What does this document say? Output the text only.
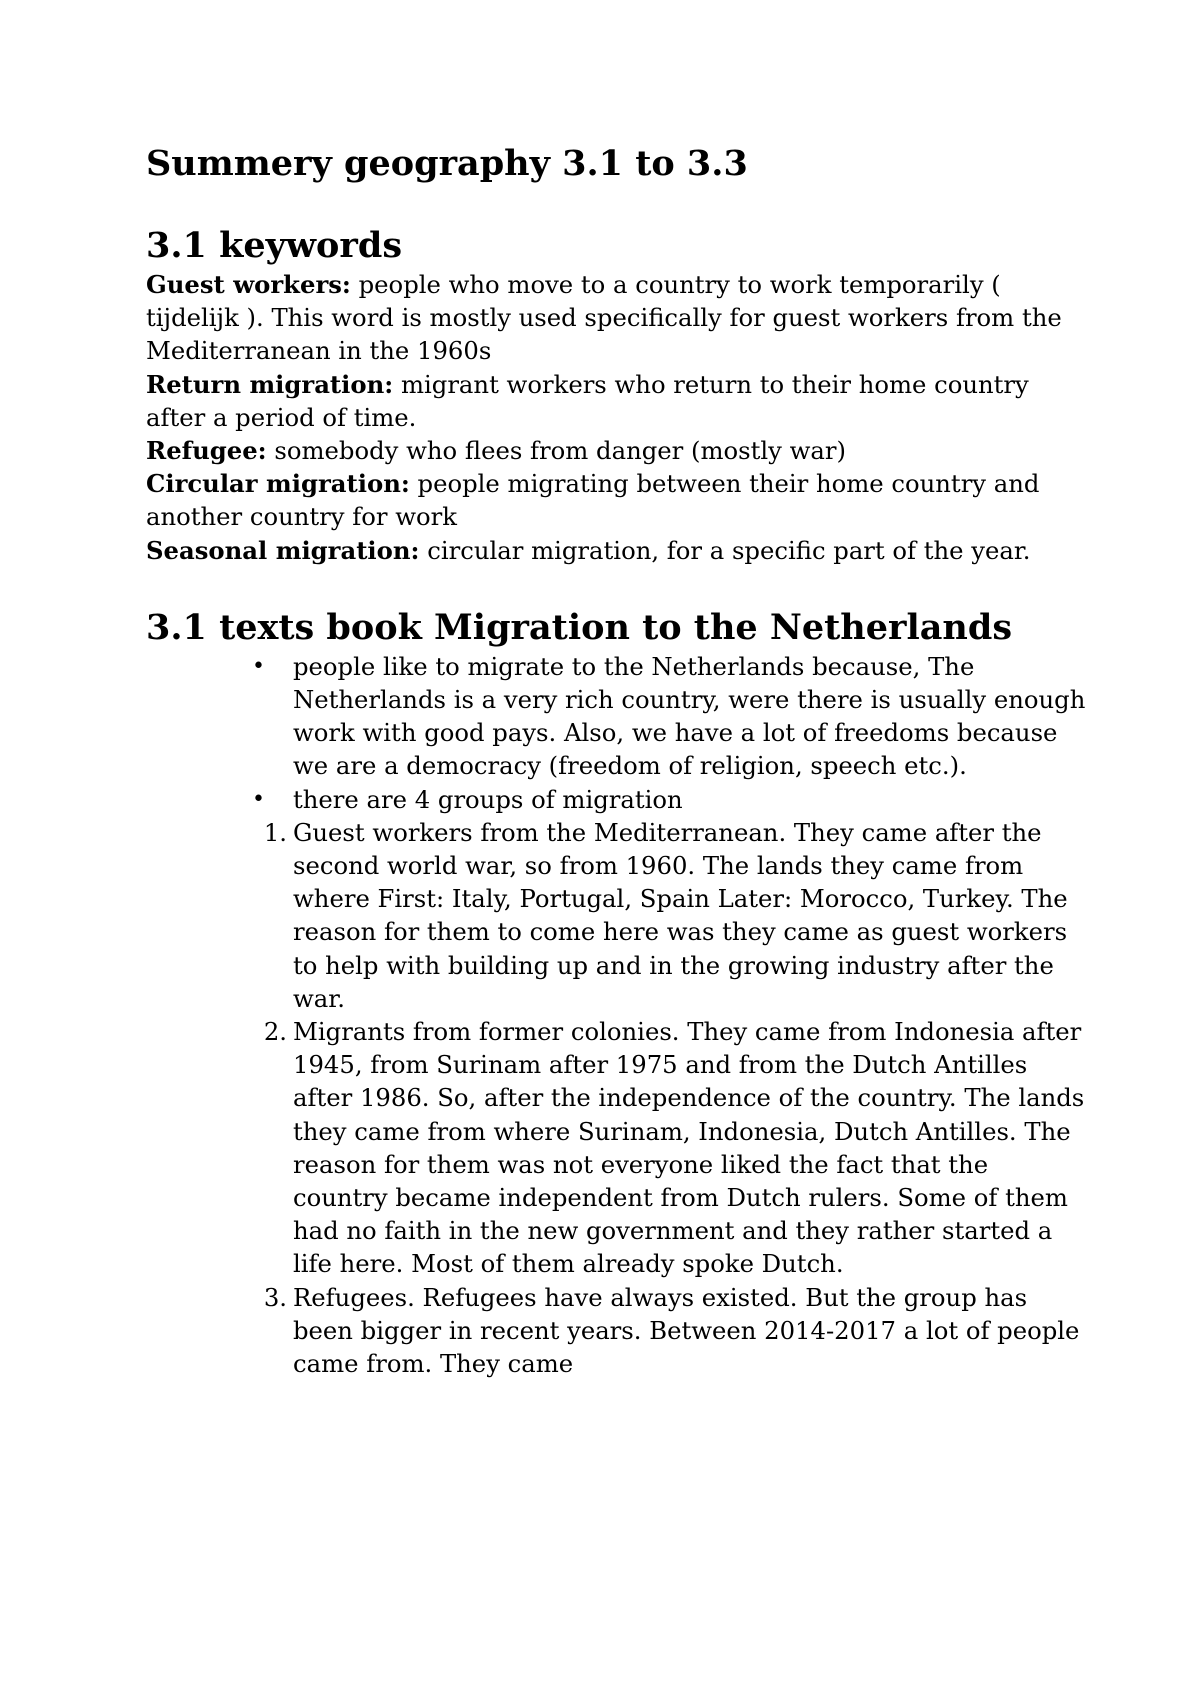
Summery geography 3.1 to 3.3
3.1 keywords

Guest workers: people who move to a country to work temporarily ( tijdelijk ). This word is mostly used specifically for guest workers from the Mediterranean in the 1960s

Return migration: migrant workers who return to their home country after a period of time.

Refugee: somebody who flees from danger (mostly war)

Circular migration: people migrating between their home country and another country for work

Seasonal migration: circular migration, for a specific part of the year.

3.1 texts book Migration to the Netherlands
• people like to migrate to the Netherlands because, The Netherlands is a very rich country, were there is usually enough work with good pays. Also, we have a lot of freedoms because we are a democracy (freedom of religion, speech etc.).
• there are 4 groups of migration
1. Guest workers from the Mediterranean. They came after the second world war, so from 1960. The lands they came from where First: Italy, Portugal, Spain Later: Morocco, Turkey. The reason for them to come here was they came as guest workers to help with building up and in the growing industry after the war.
2. Migrants from former colonies. They came from Indonesia after 1945, from Surinam after 1975 and from the Dutch Antilles after 1986. So, after the independence of the country. The lands they came from where Surinam, Indonesia, Dutch Antilles. The reason for them was not everyone liked the fact that the country became independent from Dutch rulers. Some of them had no faith in the new government and they rather started a life here. Most of them already spoke Dutch.
3. Refugees. Refugees have always existed. But the group has been bigger in recent years. Between 2014-2017 a lot of people came from. They came
